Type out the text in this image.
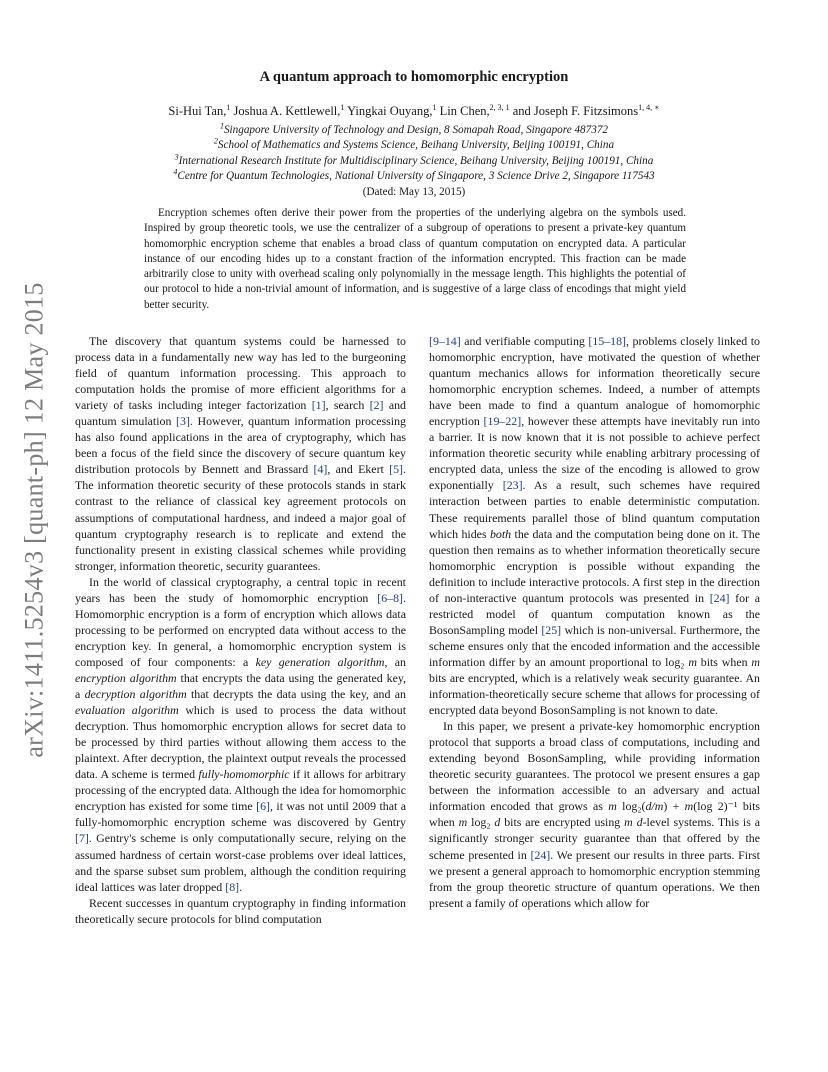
arXiv:1411.5254v3 [quant-ph] 12 May 2015
A quantum approach to homomorphic encryption
Si-Hui Tan,$^1$ Joshua A. Kettlewell,$^1$ Yingkai Ouyang,$^1$ Lin Chen,$^{2, 3, 1}$ and Joseph F. Fitzsimons$^{1, 4, ∗}$
$^1$Singapore University of Technology and Design, 8 Somapah Road, Singapore 487372
$^2$School of Mathematics and Systems Science, Beihang University, Beijing 100191, China
$^3$International Research Institute for Multidisciplinary Science, Beihang University, Beijing 100191, China
$^4$Centre for Quantum Technologies, National University of Singapore, 3 Science Drive 2, Singapore 117543
(Dated: May 13, 2015)
Encryption schemes often derive their power from the properties of the underlying algebra on the symbols used. Inspired by group theoretic tools, we use the centralizer of a subgroup of operations to present a private-key quantum homomorphic encryption scheme that enables a broad class of quantum computation on encrypted data. A particular instance of our encoding hides up to a constant fraction of the information encrypted. This fraction can be made arbitrarily close to unity with overhead scaling only polynomially in the message length. This highlights the potential of our protocol to hide a non-trivial amount of information, and is suggestive of a large class of encodings that might yield better security.

The discovery that quantum systems could be harnessed to process data in a fundamentally new way has led to the burgeoning field of quantum information processing. This approach to computation holds the promise of more efficient algorithms for a variety of tasks including integer factorization [1], search [2] and quantum simulation [3]. However, quantum information processing has also found applications in the area of cryptography, which has been a focus of the field since the discovery of secure quantum key distribution protocols by Bennett and Brassard [4], and Ekert [5]. The information theoretic security of these protocols stands in stark contrast to the reliance of classical key agreement protocols on assumptions of computational hardness, and indeed a major goal of quantum cryptography research is to replicate and extend the functionality present in existing classical schemes while providing stronger, information theoretic, security guarantees.

In the world of classical cryptography, a central topic in recent years has been the study of homomorphic encryption [6–8]. Homomorphic encryption is a form of encryption which allows data processing to be performed on encrypted data without access to the encryption key. In general, a homomorphic encryption system is composed of four components: a key generation algorithm, an encryption algorithm that encrypts the data using the generated key, a decryption algorithm that decrypts the data using the key, and an evaluation algorithm which is used to process the data without decryption. Thus homomorphic encryption allows for secret data to be processed by third parties without allowing them access to the plaintext. After decryption, the plaintext output reveals the processed data. A scheme is termed fully-homomorphic if it allows for arbitrary processing of the encrypted data. Although the idea for homomorphic encryption has existed for some time [6], it was not until 2009 that a fully-homomorphic encryption scheme was discovered by Gentry [7]. Gentry's scheme is only computationally secure, relying on the assumed hardness of certain worst-case problems over ideal lattices, and the sparse subset sum problem, although the condition requiring ideal lattices was later dropped [8].

Recent successes in quantum cryptography in finding information theoretically secure protocols for blind computation

[9–14] and verifiable computing [15–18], problems closely linked to homomorphic encryption, have motivated the question of whether quantum mechanics allows for information theoretically secure homomorphic encryption schemes. Indeed, a number of attempts have been made to find a quantum analogue of homomorphic encryption [19–22], however these attempts have inevitably run into a barrier. It is now known that it is not possible to achieve perfect information theoretic security while enabling arbitrary processing of encrypted data, unless the size of the encoding is allowed to grow exponentially [23]. As a result, such schemes have required interaction between parties to enable deterministic computation. These requirements parallel those of blind quantum computation which hides both the data and the computation being done on it. The question then remains as to whether information theoretically secure homomorphic encryption is possible without expanding the definition to include interactive protocols. A first step in the direction of non-interactive quantum protocols was presented in [24] for a restricted model of quantum computation known as the BosonSampling model [25] which is non-universal. Furthermore, the scheme ensures only that the encoded information and the accessible information differ by an amount proportional to log₂ m bits when m bits are encrypted, which is a relatively weak security guarantee. An information-theoretically secure scheme that allows for processing of encrypted data beyond BosonSampling is not known to date.

In this paper, we present a private-key homomorphic encryption protocol that supports a broad class of computations, including and extending beyond BosonSampling, while providing information theoretic security guarantees. The protocol we present ensures a gap between the information accessible to an adversary and actual information encoded that grows as m log₂(d/m) + m(log 2)⁻¹ bits when m log₂ d bits are encrypted using m d-level systems. This is a significantly stronger security guarantee than that offered by the scheme presented in [24]. We present our results in three parts. First we present a general approach to homomorphic encryption stemming from the group theoretic structure of quantum operations. We then present a family of operations which allow for
